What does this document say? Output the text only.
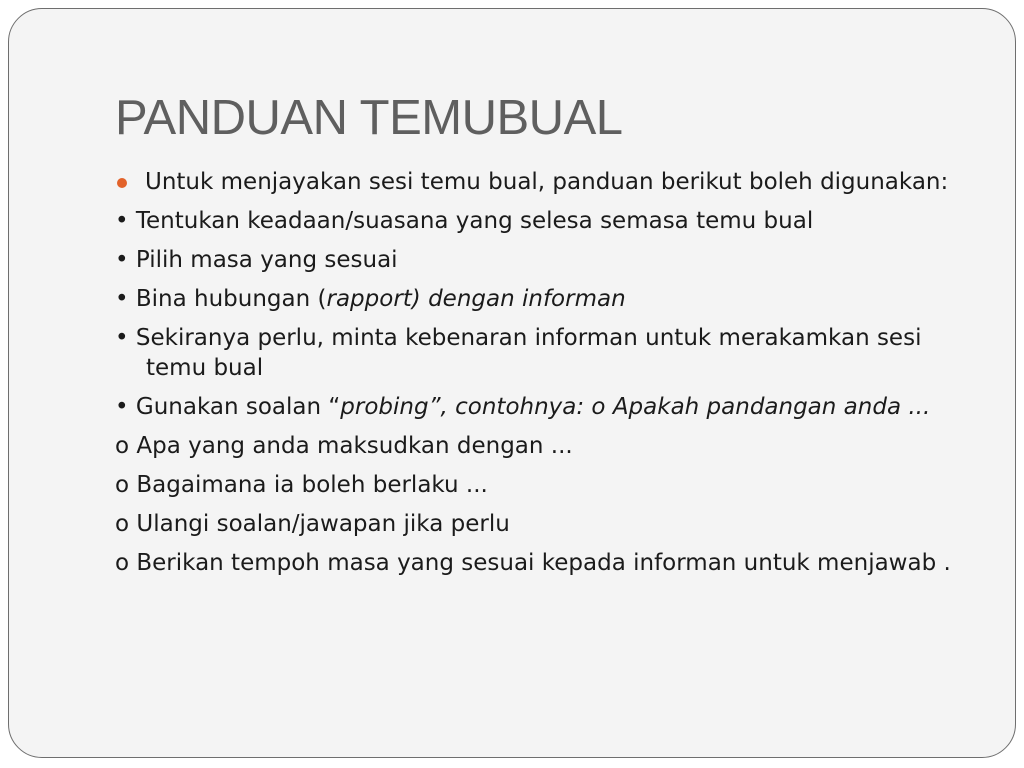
PANDUAN TEMUBUAL

Untuk menjayakan sesi temu bual, panduan berikut boleh digunakan:

• Tentukan keadaan/suasana yang selesa semasa temu bual

• Pilih masa yang sesuai

• Bina hubungan (rapport) dengan informan

• Sekiranya perlu, minta kebenaran informan untuk merakamkan sesi temu bual

• Gunakan soalan “probing”, contohnya: o Apakah pandangan anda ...

o Apa yang anda maksudkan dengan ...

o Bagaimana ia boleh berlaku ...

o Ulangi soalan/jawapan jika perlu

o Berikan tempoh masa yang sesuai kepada informan untuk menjawab .
